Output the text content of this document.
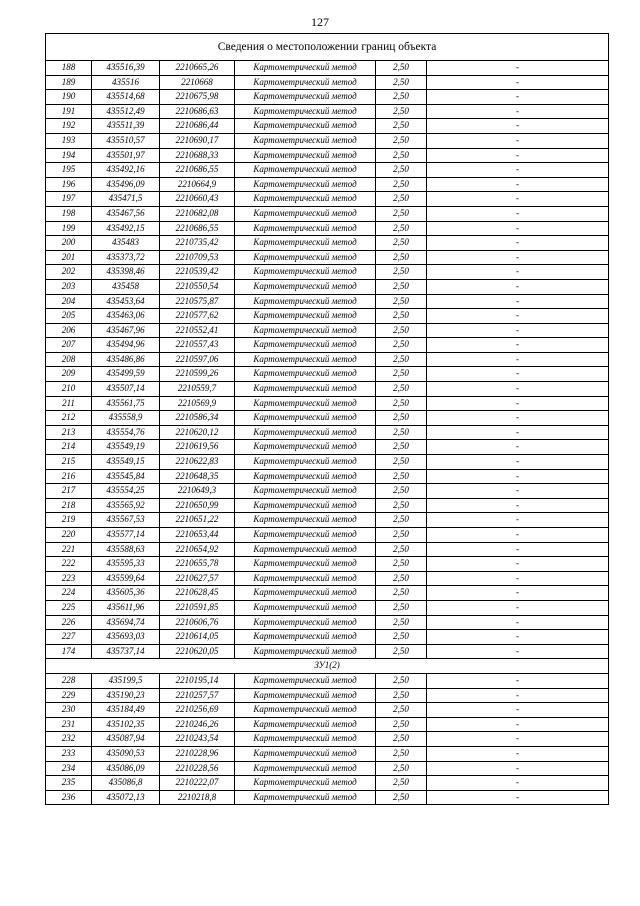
127
Сведения о местоположении границ объекта					
188	435516,39	2210665,26	Картометрический метод	2,50	-
189	435516	2210668	Картометрический метод	2,50	-
190	435514,68	2210675,98	Картометрический метод	2,50	-
191	435512,49	2210686,63	Картометрический метод	2,50	-
192	435511,39	2210686,44	Картометрический метод	2,50	-
193	435510,57	2210690,17	Картометрический метод	2,50	-
194	435501,97	2210688,33	Картометрический метод	2,50	-
195	435492,16	2210686,55	Картометрический метод	2,50	-
196	435496,09	2210664,9	Картометрический метод	2,50	-
197	435471,5	2210660,43	Картометрический метод	2,50	-
198	435467,56	2210682,08	Картометрический метод	2,50	-
199	435492,15	2210686,55	Картометрический метод	2,50	-
200	435483	2210735,42	Картометрический метод	2,50	-
201	435373,72	2210709,53	Картометрический метод	2,50	-
202	435398,46	2210539,42	Картометрический метод	2,50	-
203	435458	2210550,54	Картометрический метод	2,50	-
204	435453,64	2210575,87	Картометрический метод	2,50	-
205	435463,06	2210577,62	Картометрический метод	2,50	-
206	435467,96	2210552,41	Картометрический метод	2,50	-
207	435494,96	2210557,43	Картометрический метод	2,50	-
208	435486,86	2210597,06	Картометрический метод	2,50	-
209	435499,59	2210599,26	Картометрический метод	2,50	-
210	435507,14	2210559,7	Картометрический метод	2,50	-
211	435561,75	2210569,9	Картометрический метод	2,50	-
212	435558,9	2210586,34	Картометрический метод	2,50	-
213	435554,76	2210620,12	Картометрический метод	2,50	-
214	435549,19	2210619,56	Картометрический метод	2,50	-
215	435549,15	2210622,83	Картометрический метод	2,50	-
216	435545,84	2210648,35	Картометрический метод	2,50	-
217	435554,25	2210649,3	Картометрический метод	2,50	-
218	435565,92	2210650,99	Картометрический метод	2,50	-
219	435567,53	2210651,22	Картометрический метод	2,50	-
220	435577,14	2210653,44	Картометрический метод	2,50	-
221	435588,63	2210654,92	Картометрический метод	2,50	-
222	435595,33	2210655,78	Картометрический метод	2,50	-
223	435599,64	2210627,57	Картометрический метод	2,50	-
224	435605,36	2210628,45	Картометрический метод	2,50	-
225	435611,96	2210591,85	Картометрический метод	2,50	-
226	435694,74	2210606,76	Картометрический метод	2,50	-
227	435693,03	2210614,05	Картометрический метод	2,50	-
174	435737,14	2210620,05	Картометрический метод	2,50	-
ЗУ1(2)					
228	435199,5	2210195,14	Картометрический метод	2,50	-
229	435190,23	2210257,57	Картометрический метод	2,50	-
230	435184,49	2210256,69	Картометрический метод	2,50	-
231	435102,35	2210246,26	Картометрический метод	2,50	-
232	435087,94	2210243,54	Картометрический метод	2,50	-
233	435090,53	2210228,96	Картометрический метод	2,50	-
234	435086,09	2210228,56	Картометрический метод	2,50	-
235	435086,8	2210222,07	Картометрический метод	2,50	-
236	435072,13	2210218,8	Картометрический метод	2,50	-
